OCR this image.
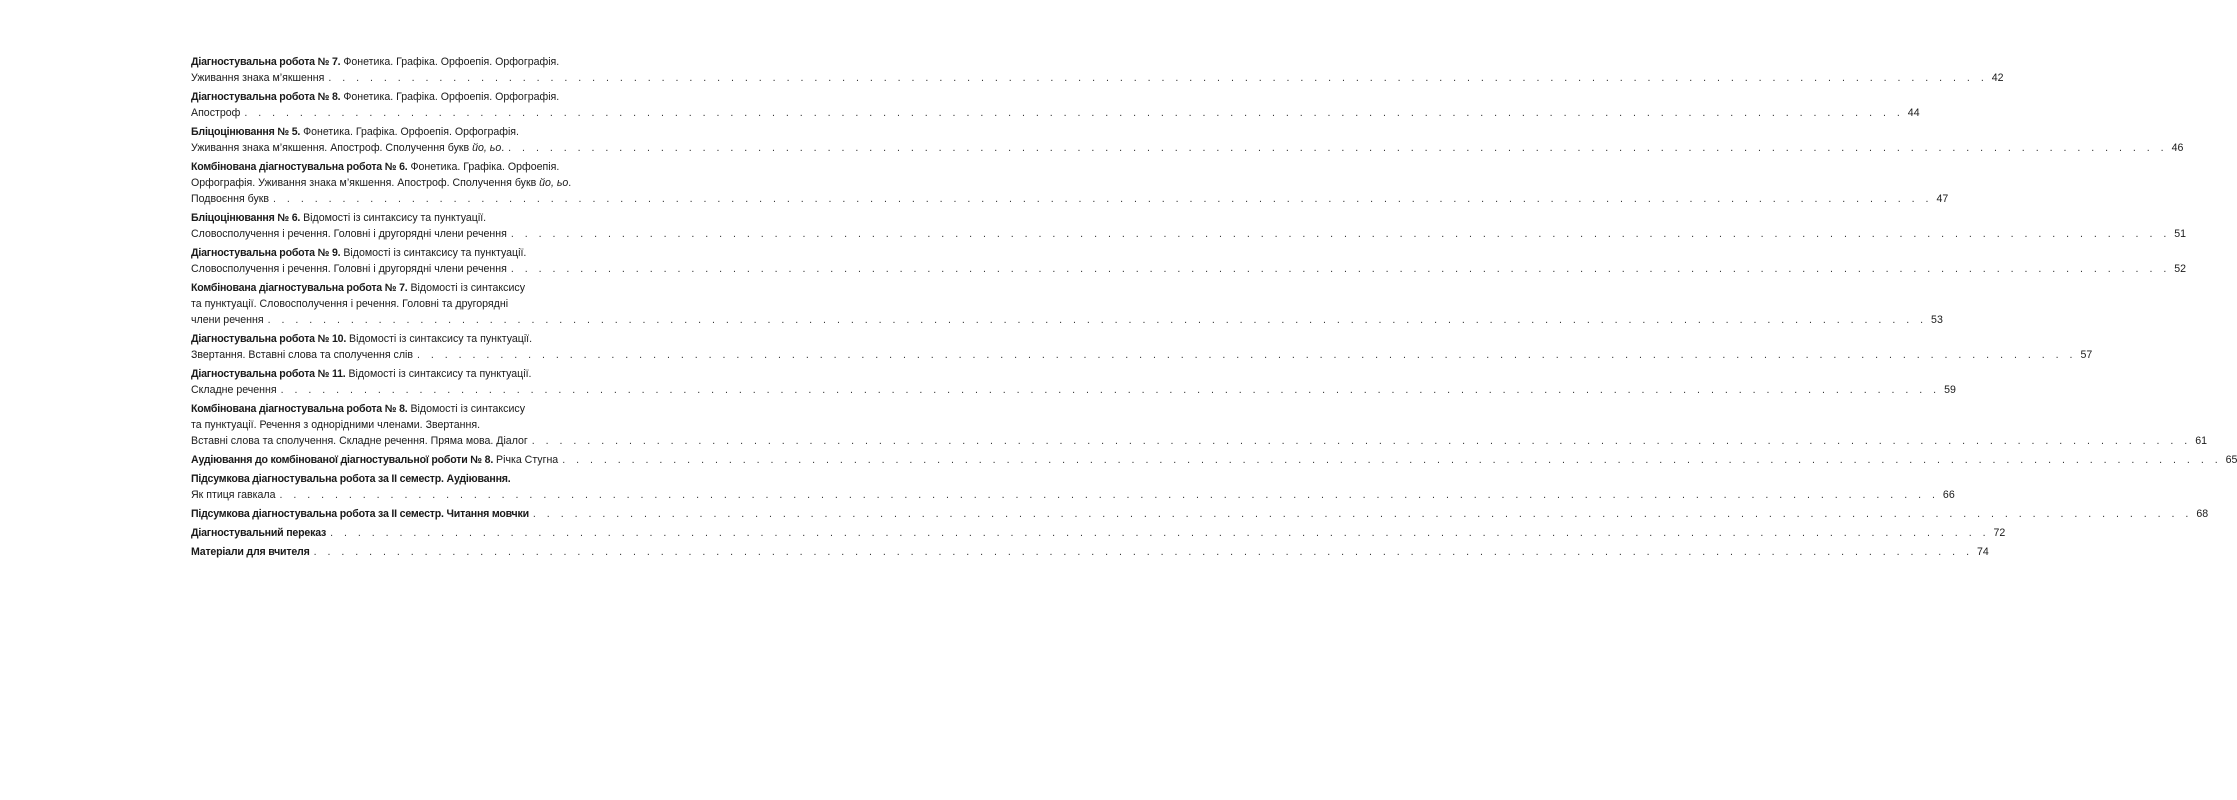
Діагностувальна робота № 7. Фонетика. Графіка. Орфоепія. Орфографія.
Уживання знака м’якшення . . . . . . . . . . . . . . . . . . . . . . . . . . . . . . . . . . . . . . . . . . . . . . . . . . . . . . . . . . . . . . . . . . . . . . . . . . . . . . . . . . . . . . . . . . . . . . . . . . . . . . . . . . . . . . . . . . . . . . . . 42
Діагностувальна робота № 8. Фонетика. Графіка. Орфоепія. Орфографія.
Апостроф . . . . . . . . . . . . . . . . . . . . . . . . . . . . . . . . . . . . . . . . . . . . . . . . . . . . . . . . . . . . . . . . . . . . . . . . . . . . . . . . . . . . . . . . . . . . . . . . . . . . . . . . . . . . . . . . . . . . . . . . 44
Бліцоцінювання № 5. Фонетика. Графіка. Орфоепія. Орфографія.
Уживання знака м’якшення. Апостроф. Сполучення букв йо, ьо. . . . . . . . . . . . . . . . . . . . . . . . . . . . . . . . . . . . . . . . . . . . . . . . . . . . . . . . . . . . . . . . . . . . . . . . . . . . . . . . . . . . . . . . . . . . . . . . . . . . . . . . . . . . . . . . . . . . . . . . . 46
Комбінована діагностувальна робота № 6. Фонетика. Графіка. Орфоепія.
Орфографія. Уживання знака м’якшення. Апостроф. Сполучення букв йо, ьо.
Подвоєння букв . . . . . . . . . . . . . . . . . . . . . . . . . . . . . . . . . . . . . . . . . . . . . . . . . . . . . . . . . . . . . . . . . . . . . . . . . . . . . . . . . . . . . . . . . . . . . . . . . . . . . . . . . . . . . . . . . . . . . . . . 47
Бліцоцінювання № 6. Відомості із синтаксису та пунктуації.
Словосполучення і речення. Головні і другорядні члени речення . . . . . . . . . . . . . . . . . . . . . . . . . . . . . . . . . . . . . . . . . . . . . . . . . . . . . . . . . . . . . . . . . . . . . . . . . . . . . . . . . . . . . . . . . . . . . . . . . . . . . . . . . . . . . . . . . . . . . . . . 51
Діагностувальна робота № 9. Відомості із синтаксису та пунктуації.
Словосполучення і речення. Головні і другорядні члени речення . . . . . . . . . . . . . . . . . . . . . . . . . . . . . . . . . . . . . . . . . . . . . . . . . . . . . . . . . . . . . . . . . . . . . . . . . . . . . . . . . . . . . . . . . . . . . . . . . . . . . . . . . . . . . . . . . . . . . . . . 52
Комбінована діагностувальна робота № 7. Відомості із синтаксису
та пунктуації. Словосполучення і речення. Головні та другорядні
члени речення . . . . . . . . . . . . . . . . . . . . . . . . . . . . . . . . . . . . . . . . . . . . . . . . . . . . . . . . . . . . . . . . . . . . . . . . . . . . . . . . . . . . . . . . . . . . . . . . . . . . . . . . . . . . . . . . . . . . . . . . 53
Діагностувальна робота № 10. Відомості із синтаксису та пунктуації.
Звертання. Вставні слова та сполучення слів . . . . . . . . . . . . . . . . . . . . . . . . . . . . . . . . . . . . . . . . . . . . . . . . . . . . . . . . . . . . . . . . . . . . . . . . . . . . . . . . . . . . . . . . . . . . . . . . . . . . . . . . . . . . . . . . . . . . . . . . 57
Діагностувальна робота № 11. Відомості із синтаксису та пунктуації.
Складне речення . . . . . . . . . . . . . . . . . . . . . . . . . . . . . . . . . . . . . . . . . . . . . . . . . . . . . . . . . . . . . . . . . . . . . . . . . . . . . . . . . . . . . . . . . . . . . . . . . . . . . . . . . . . . . . . . . . . . . . . . 59
Комбінована діагностувальна робота № 8. Відомості із синтаксису
та пунктуації. Речення з однорідними членами. Звертання.
Вставні слова та сполучення. Складне речення. Пряма мова. Діалог . . . . . . . . . . . . . . . . . . . . . . . . . . . . . . . . . . . . . . . . . . . . . . . . . . . . . . . . . . . . . . . . . . . . . . . . . . . . . . . . . . . . . . . . . . . . . . . . . . . . . . . . . . . . . . . . . . . . . . . . 61
Аудіювання до комбінованої діагностувальної роботи № 8. Річка Стугна . . . . . . . . . . . . . . . . . . . . . . . . . . . . . . . . . . . . . . . . . . . . . . . . . . . . . . . . . . . . . . . . . . . . . . . . . . . . . . . . . . . . . . . . . . . . . . . . . . . . . . . . . . . . . . . . . . . . . . . . 65
Підсумкова діагностувальна робота за ІІ семестр. Аудіювання.
Як птиця гавкала . . . . . . . . . . . . . . . . . . . . . . . . . . . . . . . . . . . . . . . . . . . . . . . . . . . . . . . . . . . . . . . . . . . . . . . . . . . . . . . . . . . . . . . . . . . . . . . . . . . . . . . . . . . . . . . . . . . . . . . . 66
Підсумкова діагностувальна робота за ІІ семестр. Читання мовчки . . . . . . . . . . . . . . . . . . . . . . . . . . . . . . . . . . . . . . . . . . . . . . . . . . . . . . . . . . . . . . . . . . . . . . . . . . . . . . . . . . . . . . . . . . . . . . . . . . . . . . . . . . . . . . . . . . . . . . . . 68
Діагностувальний переказ . . . . . . . . . . . . . . . . . . . . . . . . . . . . . . . . . . . . . . . . . . . . . . . . . . . . . . . . . . . . . . . . . . . . . . . . . . . . . . . . . . . . . . . . . . . . . . . . . . . . . . . . . . . . . . . . . . . . . . . . 72
Матеріали для вчителя . . . . . . . . . . . . . . . . . . . . . . . . . . . . . . . . . . . . . . . . . . . . . . . . . . . . . . . . . . . . . . . . . . . . . . . . . . . . . . . . . . . . . . . . . . . . . . . . . . . . . . . . . . . . . . . . . . . . . . . . 74
